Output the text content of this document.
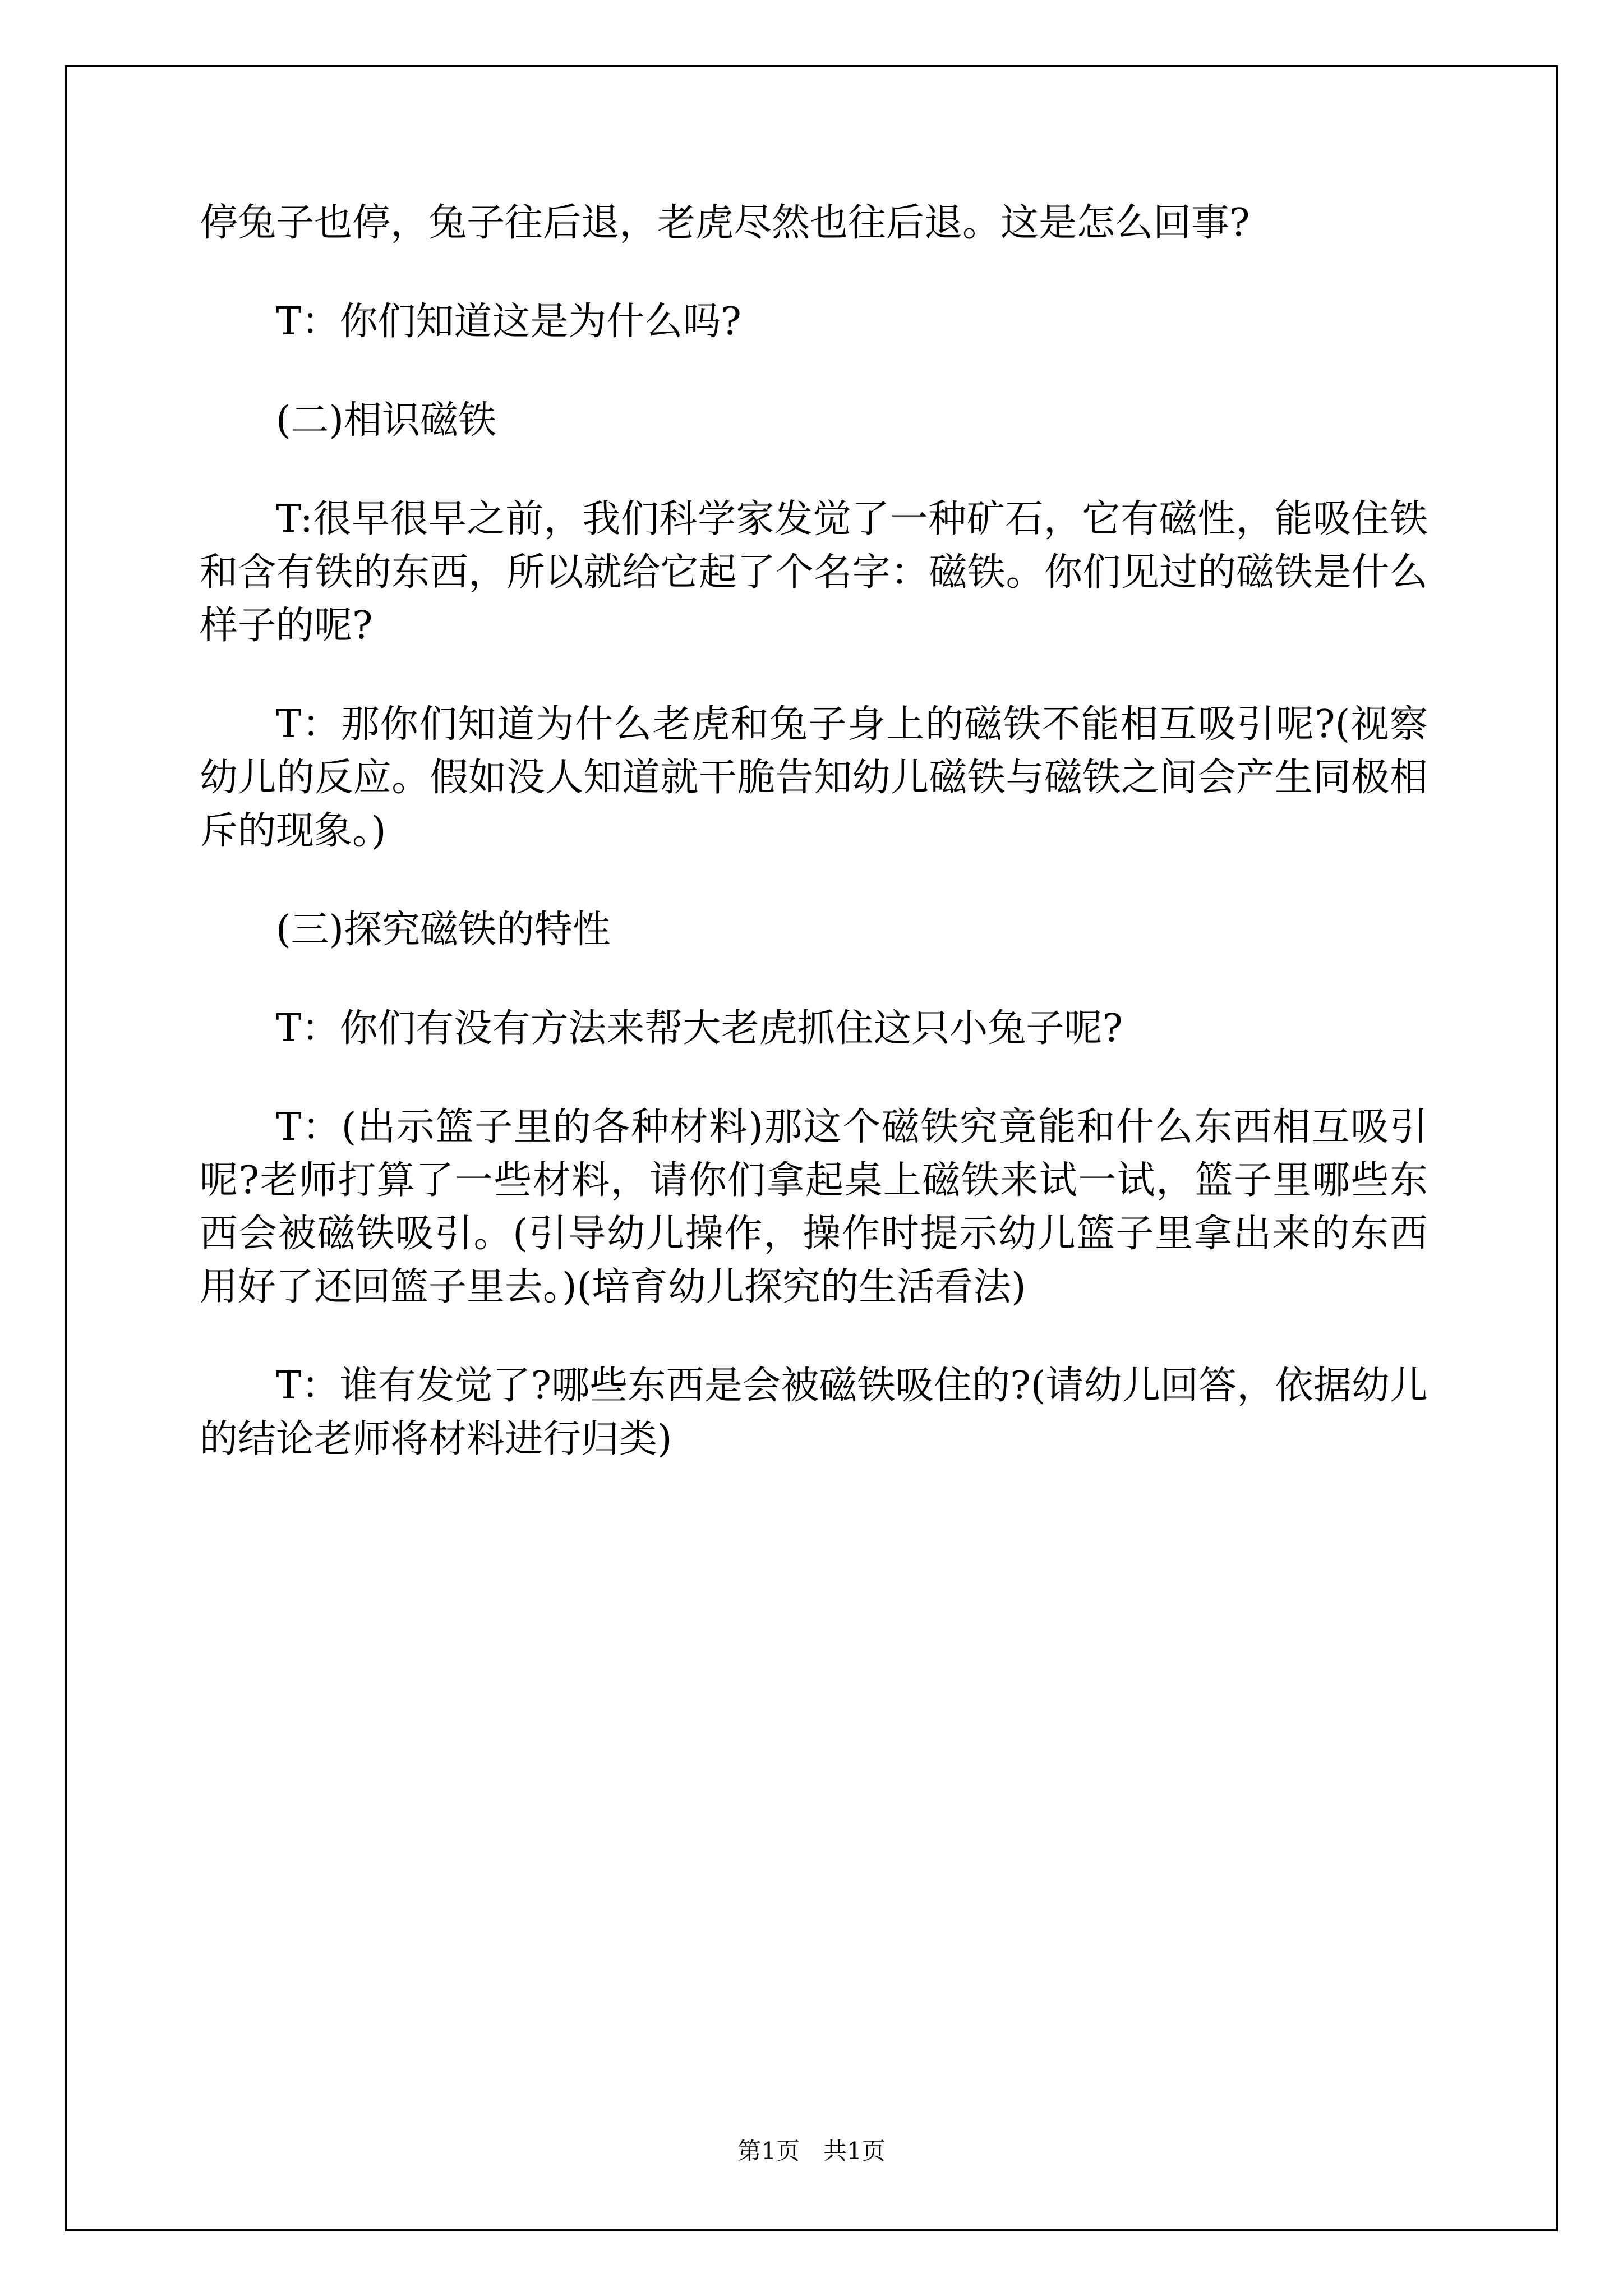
停兔子也停，兔子往后退，老虎尽然也往后退。这是怎么回事?

T：你们知道这是为什么吗?

(二)相识磁铁

T:很早很早之前，我们科学家发觉了一种矿石，它有磁性，能吸住铁和含有铁的东西，所以就给它起了个名字：磁铁。你们见过的磁铁是什么样子的呢?

T：那你们知道为什么老虎和兔子身上的磁铁不能相互吸引呢?(视察幼儿的反应。假如没人知道就干脆告知幼儿磁铁与磁铁之间会产生同极相斥的现象。)

(三)探究磁铁的特性

T：你们有没有方法来帮大老虎抓住这只小兔子呢?

T：(出示篮子里的各种材料)那这个磁铁究竟能和什么东西相互吸引呢?老师打算了一些材料，请你们拿起桌上磁铁来试一试，篮子里哪些东西会被磁铁吸引。(引导幼儿操作，操作时提示幼儿篮子里拿出来的东西用好了还回篮子里去。)(培育幼儿探究的生活看法)

T：谁有发觉了?哪些东西是会被磁铁吸住的?(请幼儿回答，依据幼儿的结论老师将材料进行归类)

第1页　共1页
